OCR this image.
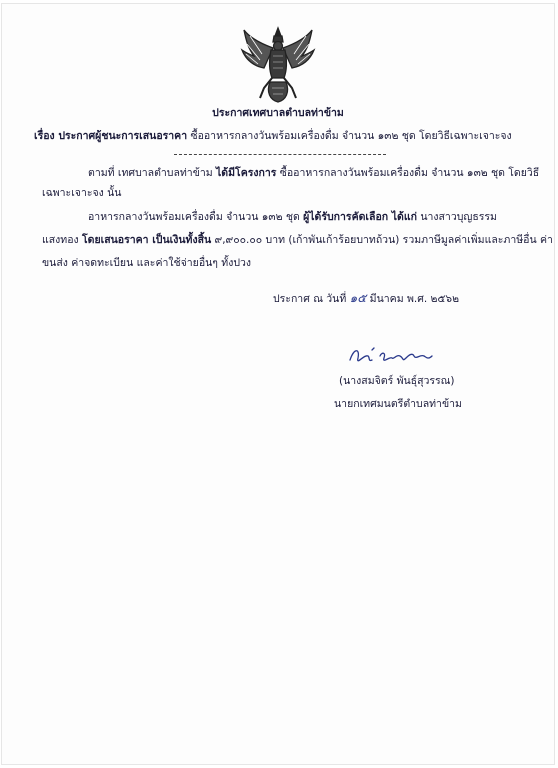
ประกาศเทศบาลตำบลท่าข้าม
เรื่อง ประกาศผู้ชนะการเสนอราคา ซื้ออาหารกลางวันพร้อมเครื่องดื่ม จำนวน ๑๓๒ ชุด โดยวิธีเฉพาะเจาะจง
ตามที่ เทศบาลตำบลท่าข้าม ได้มีโครงการ ซื้ออาหารกลางวันพร้อมเครื่องดื่ม จำนวน ๑๓๒ ชุด โดยวิธี
เฉพาะเจาะจง นั้น
อาหารกลางวันพร้อมเครื่องดื่ม จำนวน ๑๓๒ ชุด ผู้ได้รับการคัดเลือก ได้แก่ นางสาวบุญธรรม
แสงทอง โดยเสนอราคา เป็นเงินทั้งสิ้น ๙,๙๐๐.๐๐ บาท (เก้าพันเก้าร้อยบาทถ้วน) รวมภาษีมูลค่าเพิ่มและภาษีอื่น ค่า
ขนส่ง ค่าจดทะเบียน และค่าใช้จ่ายอื่นๆ ทั้งปวง
ประกาศ ณ วันที่ ๑๕ มีนาคม พ.ศ. ๒๕๖๒
(นางสมจิตร์ พันธุ์สุวรรณ)
นายกเทศมนตรีตำบลท่าข้าม
